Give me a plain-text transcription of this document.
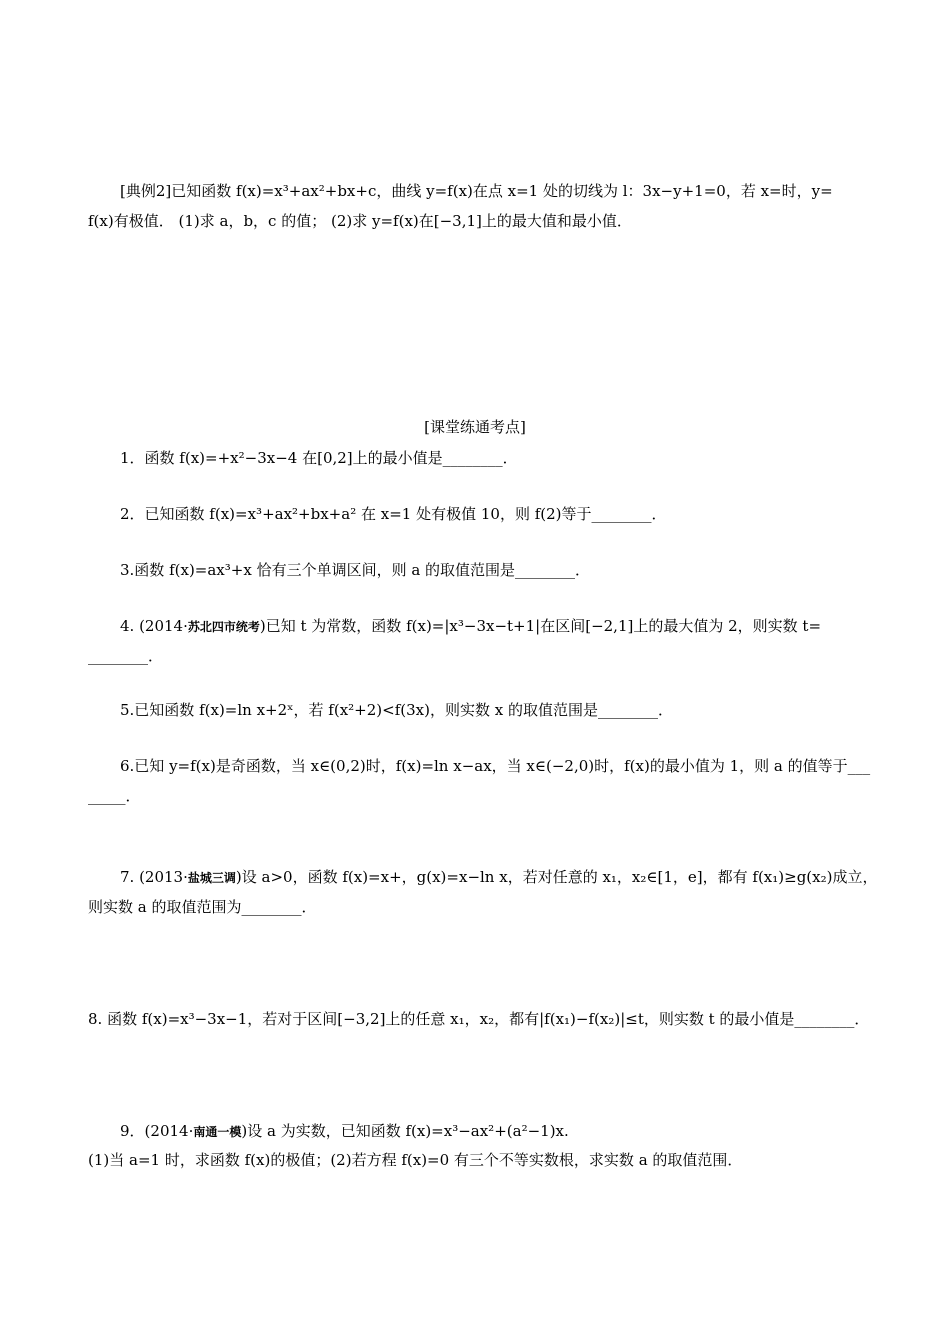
[典例2]已知函数 f(x)=x³+ax²+bx+c，曲线 y=f(x)在点 x=1 处的切线为 l：3x−y+1=0，若 x=时，y=
f(x)有极值． (1)求 a，b，c 的值； (2)求 y=f(x)在[−3,1]上的最大值和最小值．
[课堂练通考点]
1．函数 f(x)=+x²−3x−4 在[0,2]上的最小值是________．
2．已知函数 f(x)=x³+ax²+bx+a² 在 x=1 处有极值 10，则 f(2)等于________．
3.函数 f(x)=ax³+x 恰有三个单调区间，则 a 的取值范围是________．
4. (2014·苏北四市统考)已知 t 为常数，函数 f(x)=|x³−3x−t+1|在区间[−2,1]上的最大值为 2，则实数 t=
________．
5.已知函数 f(x)=ln x+2ˣ，若 f(x²+2)<f(3x)，则实数 x 的取值范围是________．
6.已知 y=f(x)是奇函数，当 x∈(0,2)时，f(x)=ln x−ax，当 x∈(−2,0)时，f(x)的最小值为 1，则 a 的值等于___
_____．
7. (2013·盐城三调)设 a>0，函数 f(x)=x+，g(x)=x−ln x，若对任意的 x₁，x₂∈[1，e]，都有 f(x₁)≥g(x₂)成立，
则实数 a 的取值范围为________．
8. 函数 f(x)=x³−3x−1，若对于区间[−3,2]上的任意 x₁，x₂，都有|f(x₁)−f(x₂)|≤t，则实数 t 的最小值是________．
9．(2014·南通一模)设 a 为实数，已知函数 f(x)=x³−ax²+(a²−1)x.
(1)当 a=1 时，求函数 f(x)的极值；(2)若方程 f(x)=0 有三个不等实数根，求实数 a 的取值范围．
